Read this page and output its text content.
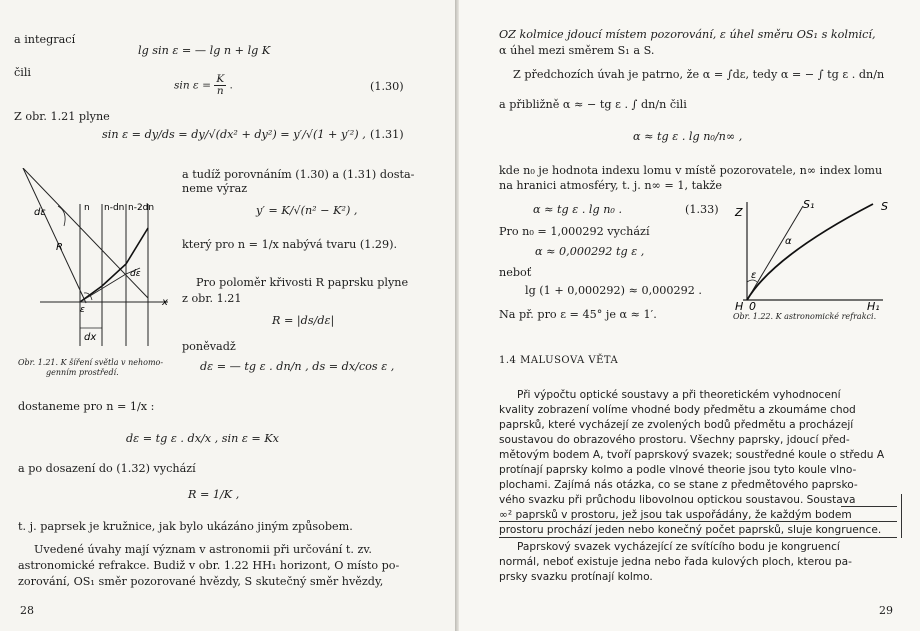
a integrací
lg sin ε = — lg n + lg K
čili
$\sin \varepsilon = \frac{K}{n}$ .	(1.30)
Z obr. 1.21 plyne
sin ε = dy/ds = dy/√(dx² + dy²) = y′/√(1 + y′²) , (1.31)
dε	n n-dn n-2dn
R
dε
ε
x
dx
a tudíž porovnáním (1.30) a (1.31) dosta-
neme výraz
y′ = K/√(n² − K²) ,
který pro n = 1/x nabývá tvaru (1.29).
Pro poloměr křivosti R paprsku plyne
z obr. 1.21
R = |ds/dε|
poněvadž
dε = — tg ε . dn/n , ds = dx/cos ε ,
Obr. 1.21. K šíření světla v nehomo-
genním prostředí.
dostaneme pro n = 1/x :
dε = tg ε . dx/x , sin ε = Kx
a po dosazení do (1.32) vychází
R = 1/K ,
t. j. paprsek je kružnice, jak bylo ukázáno jiným způsobem.
Uvedené úvahy mají význam v astronomii při určování t. zv.
astronomické refrakce. Budiž v obr. 1.22 HH₁ horizont, O místo po-
zorování, OS₁ směr pozorované hvězdy, S skutečný směr hvězdy,
28
OZ kolmice jdoucí místem pozorování, ε úhel směru OS₁ s kolmicí,
α úhel mezi směrem S₁ a S.
Z předchozích úvah je patrno, že α = ∫dε, tedy α = − ∫ tg ε . dn/n
a přibližně α ≈ − tg ε . ∫ dn/n čili
α ≈ tg ε . lg n₀/n∞ ,
kde n₀ je hodnota indexu lomu v místě pozorovatele, n∞ index lomu
na hranici atmosféry, t. j. n∞ = 1, takže
α ≈ tg ε . lg n₀ .	(1.33)
Pro n₀ = 1,000292 vychází
α ≈ 0,000292 tg ε ,
neboť
lg (1 + 0,000292) ≈ 0,000292 .
Na př. pro ε = 45° je α ≈ 1′.
Z
S₁	S
α
ε
H 0	H₁
Obr. 1.22. K astronomické refrakci.
1.4 MALUSOVA VĚTA
Při výpočtu optické soustavy a při theoretickém vyhodnocení
kvality zobrazení volíme vhodné body předmětu a zkoumáme chod
paprsků, které vycházejí ze zvolených bodů předmětu a procházejí
soustavou do obrazového prostoru. Všechny paprsky, jdoucí před-
mětovým bodem A, tvoří paprskový svazek; soustředné koule o středu A
protínají paprsky kolmo a podle vlnové theorie jsou tyto koule vlno-
plochami. Zajímá nás otázka, co se stane z předmětového paprsko-
vého svazku při průchodu libovolnou optickou soustavou. Soustava
∞² paprsků v prostoru, jež jsou tak uspořádány, že každým bodem
prostoru prochází jeden nebo konečný počet paprsků, sluje kongruence.
Paprskový svazek vycházející ze svítícího bodu je kongruencí
normál, neboť existuje jedna nebo řada kulových ploch, kterou pa-
prsky svazku protínají kolmo.
29
